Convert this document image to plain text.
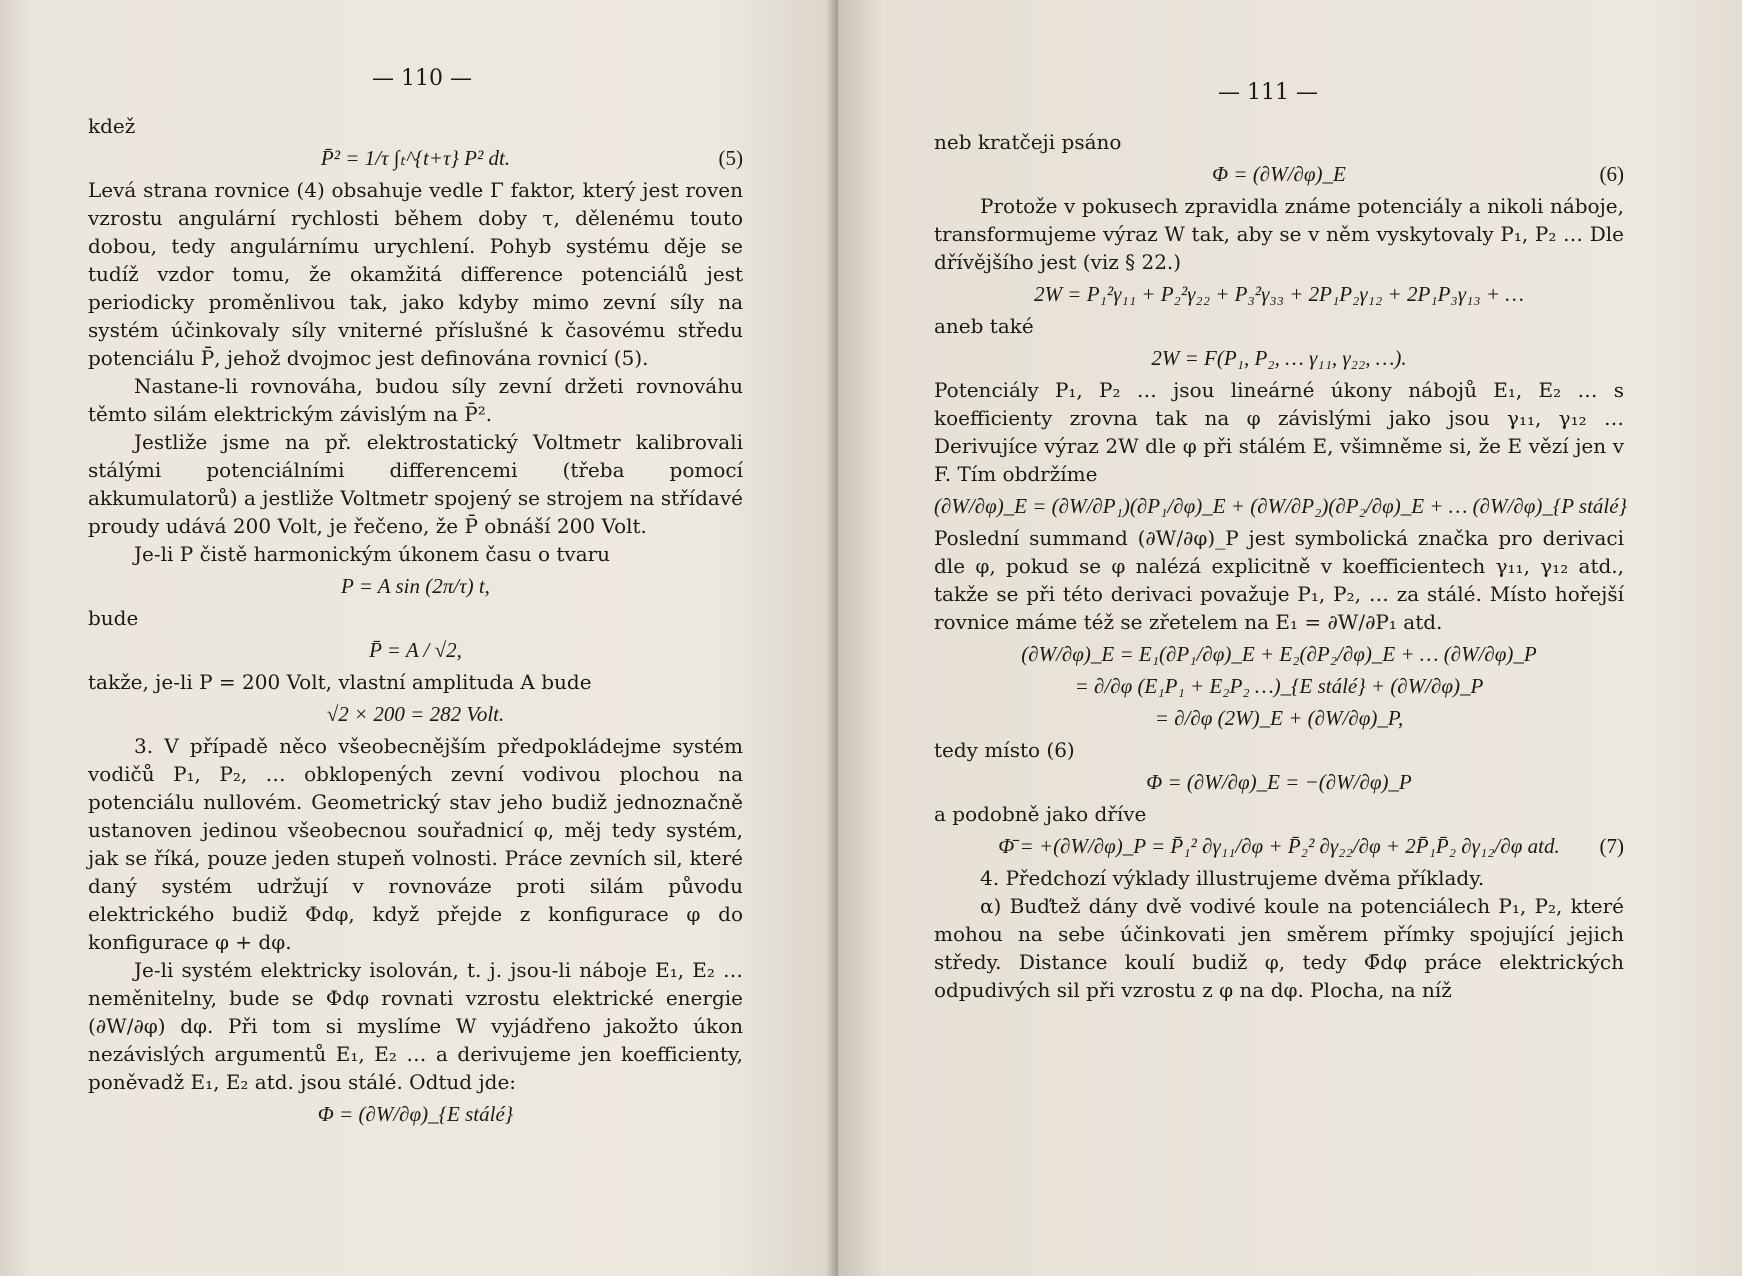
— 110 —

kdež

P̄² = 1/τ ∫ₜ^{t+τ} P² dt.	(5)

Levá strana rovnice (4) obsahuje vedle Γ faktor, který jest roven vzrostu angulární rychlosti během doby τ, dělenému touto dobou, tedy angulárnímu urychlení. Pohyb systému děje se tudíž vzdor tomu, že okamžitá difference potenciálů jest periodicky proměnlivou tak, jako kdyby mimo zevní síly na systém účinkovaly síly vniterné příslušné k časovému středu potenciálu P̄, jehož dvojmoc jest definována rovnicí (5).

Nastane-li rovnováha, budou síly zevní držeti rovnováhu těmto silám elektrickým závislým na P̄².

Jestliže jsme na př. elektrostatický Voltmetr kalibrovali stálými potenciálními differencemi (třeba pomocí akkumulatorů) a jestliže Voltmetr spojený se strojem na střídavé proudy udává 200 Volt, je řečeno, že P̄ obnáší 200 Volt.

Je-li P čistě harmonickým úkonem času o tvaru

P = A sin (2π/τ) t,

bude

P̄ = A / √2,

takže, je-li P = 200 Volt, vlastní amplituda A bude

√2 × 200 = 282 Volt.

3. V případě něco všeobecnějším předpokládejme systém vodičů P₁, P₂, … obklopených zevní vodivou plochou na potenciálu nullovém. Geometrický stav jeho budiž jednoznačně ustanoven jedinou všeobecnou souřadnicí φ, měj tedy systém, jak se říká, pouze jeden stupeň volnosti. Práce zevních sil, které daný systém udržují v rovnováze proti silám původu elektrického budiž Φdφ, když přejde z konfigurace φ do konfigurace φ + dφ.

Je-li systém elektricky isolován, t. j. jsou-li náboje E₁, E₂ … neměnitelny, bude se Φdφ rovnati vzrostu elektrické energie (∂W/∂φ) dφ. Při tom si myslíme W vyjádřeno jakožto úkon nezávislých argumentů E₁, E₂ … a derivujeme jen koefficienty, poněvadž E₁, E₂ atd. jsou stálé. Odtud jde:

Φ = (∂W/∂φ)_{E stálé}
— 111 —

neb kratčeji psáno

Φ = (∂W/∂φ)_E	(6)

Protože v pokusech zpravidla známe potenciály a nikoli náboje, transformujeme výraz W tak, aby se v něm vyskytovaly P₁, P₂ … Dle dřívějšího jest (viz § 22.)

2W = P₁²γ₁₁ + P₂²γ₂₂ + P₃²γ₃₃ + 2P₁P₂γ₁₂ + 2P₁P₃γ₁₃ + …

aneb také

2W = F(P₁, P₂, … γ₁₁, γ₂₂, …).

Potenciály P₁, P₂ … jsou lineárné úkony nábojů E₁, E₂ … s koefficienty zrovna tak na φ závislými jako jsou γ₁₁, γ₁₂ … Derivujíce výraz 2W dle φ při stálém E, všimněme si, že E vězí jen v F. Tím obdržíme

(∂W/∂φ)_E = (∂W/∂P₁)(∂P₁/∂φ)_E + (∂W/∂P₂)(∂P₂/∂φ)_E + … (∂W/∂φ)_{P stálé}

Poslední summand (∂W/∂φ)_P jest symbolická značka pro derivaci dle φ, pokud se φ nalézá explicitně v koefficientech γ₁₁, γ₁₂ atd., takže se při této derivaci považuje P₁, P₂, … za stálé. Místo hořejší rovnice máme též se zřetelem na E₁ = ∂W/∂P₁ atd.

(∂W/∂φ)_E = E₁(∂P₁/∂φ)_E + E₂(∂P₂/∂φ)_E + … (∂W/∂φ)_P
= ∂/∂φ (E₁P₁ + E₂P₂ …)_{E stálé} + (∂W/∂φ)_P
= ∂/∂φ (2W)_E + (∂W/∂φ)_P,

tedy místo (6)

Φ = (∂W/∂φ)_E = −(∂W/∂φ)_P

a podobně jako dříve

Φ̄ = +(∂W/∂φ)_P = P̄₁² ∂γ₁₁/∂φ + P̄₂² ∂γ₂₂/∂φ + 2P̄₁P̄₂ ∂γ₁₂/∂φ atd. (7)

4. Předchozí výklady illustrujeme dvěma příklady.

α) Buďtež dány dvě vodivé koule na potenciálech P₁, P₂, které mohou na sebe účinkovati jen směrem přímky spojující jejich středy. Distance koulí budiž φ, tedy Φ̄dφ práce elektrických odpudivých sil při vzrostu z φ na dφ. Plocha, na níž
